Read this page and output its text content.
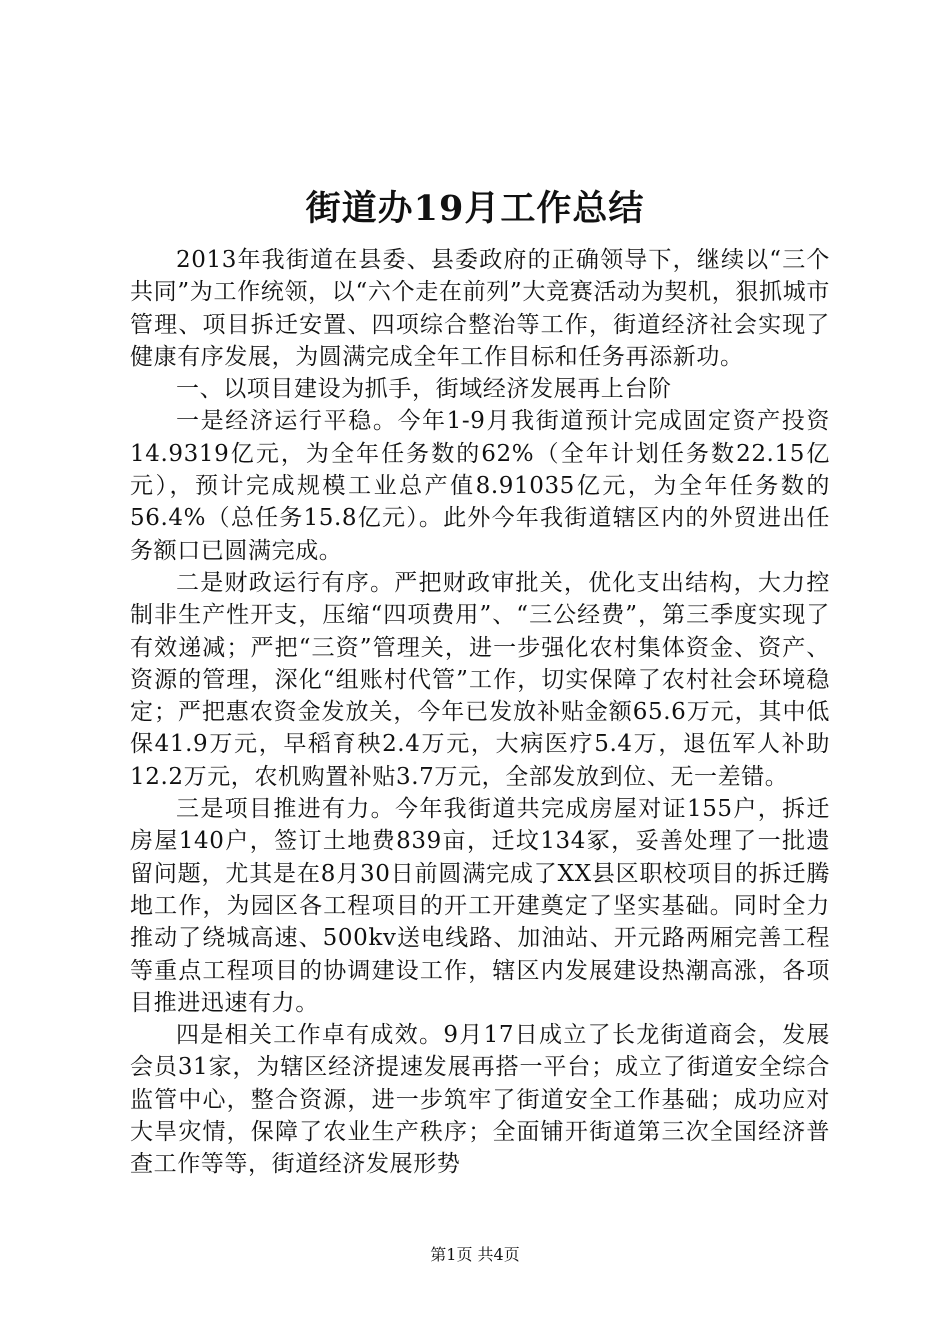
街道办19月工作总结

2013年我街道在县委、县委政府的正确领导下，继续以“三个共同”为工作统领，以“六个走在前列”大竞赛活动为契机，狠抓城市管理、项目拆迁安置、四项综合整治等工作，街道经济社会实现了健康有序发展，为圆满完成全年工作目标和任务再添新功。

一、以项目建设为抓手，街域经济发展再上台阶

一是经济运行平稳。今年1-9月我街道预计完成固定资产投资14.9319亿元，为全年任务数的62%（全年计划任务数22.15亿元），预计完成规模工业总产值8.91035亿元，为全年任务数的56.4%（总任务15.8亿元）。此外今年我街道辖区内的外贸进出任务额口已圆满完成。

二是财政运行有序。严把财政审批关，优化支出结构，大力控制非生产性开支，压缩“四项费用”、“三公经费”，第三季度实现了有效递减；严把“三资”管理关，进一步强化农村集体资金、资产、资源的管理，深化“组账村代管”工作，切实保障了农村社会环境稳定；严把惠农资金发放关，今年已发放补贴金额65.6万元，其中低保41.9万元，早稻育秧2.4万元，大病医疗5.4万，退伍军人补助12.2万元，农机购置补贴3.7万元，全部发放到位、无一差错。

三是项目推进有力。今年我街道共完成房屋对证155户，拆迁房屋140户，签订土地费839亩，迁坟134冢，妥善处理了一批遗留问题，尤其是在8月30日前圆满完成了XX县区职校项目的拆迁腾地工作，为园区各工程项目的开工开建奠定了坚实基础。同时全力推动了绕城高速、500kv送电线路、加油站、开元路两厢完善工程等重点工程项目的协调建设工作，辖区内发展建设热潮高涨，各项目推进迅速有力。

四是相关工作卓有成效。9月17日成立了长龙街道商会，发展会员31家，为辖区经济提速发展再搭一平台；成立了街道安全综合监管中心，整合资源，进一步筑牢了街道安全工作基础；成功应对大旱灾情，保障了农业生产秩序；全面铺开街道第三次全国经济普查工作等等，街道经济发展形势

第1页 共4页
